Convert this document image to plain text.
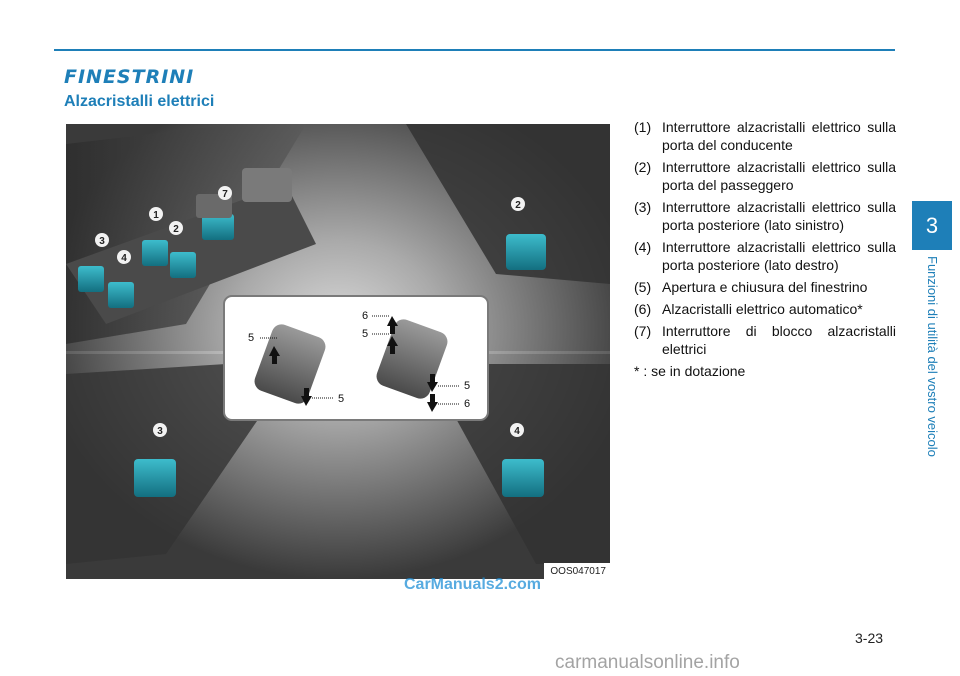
FINESTRINI
Alzacristalli elettrici
5
5
6
5
5
6
1
2
3
4
7
2
3	4
OOS047017
CarManuals2.com
(1) Interruttore alzacristalli elettrico sulla porta del conducente
(2) Interruttore alzacristalli elettrico sulla porta del passeggero
(3) Interruttore alzacristalli elettrico sulla porta posteriore (lato sinistro)
(4) Interruttore alzacristalli elettrico sulla porta posteriore (lato destro)
(5) Apertura e chiusura del finestrino
(6) Alzacristalli elettrico automatico*
(7) Interruttore di blocco alzacristalli elettrici
* : se in dotazione
3
Funzioni di utilità del vostro veicolo
3-23
carmanualsonline.info
